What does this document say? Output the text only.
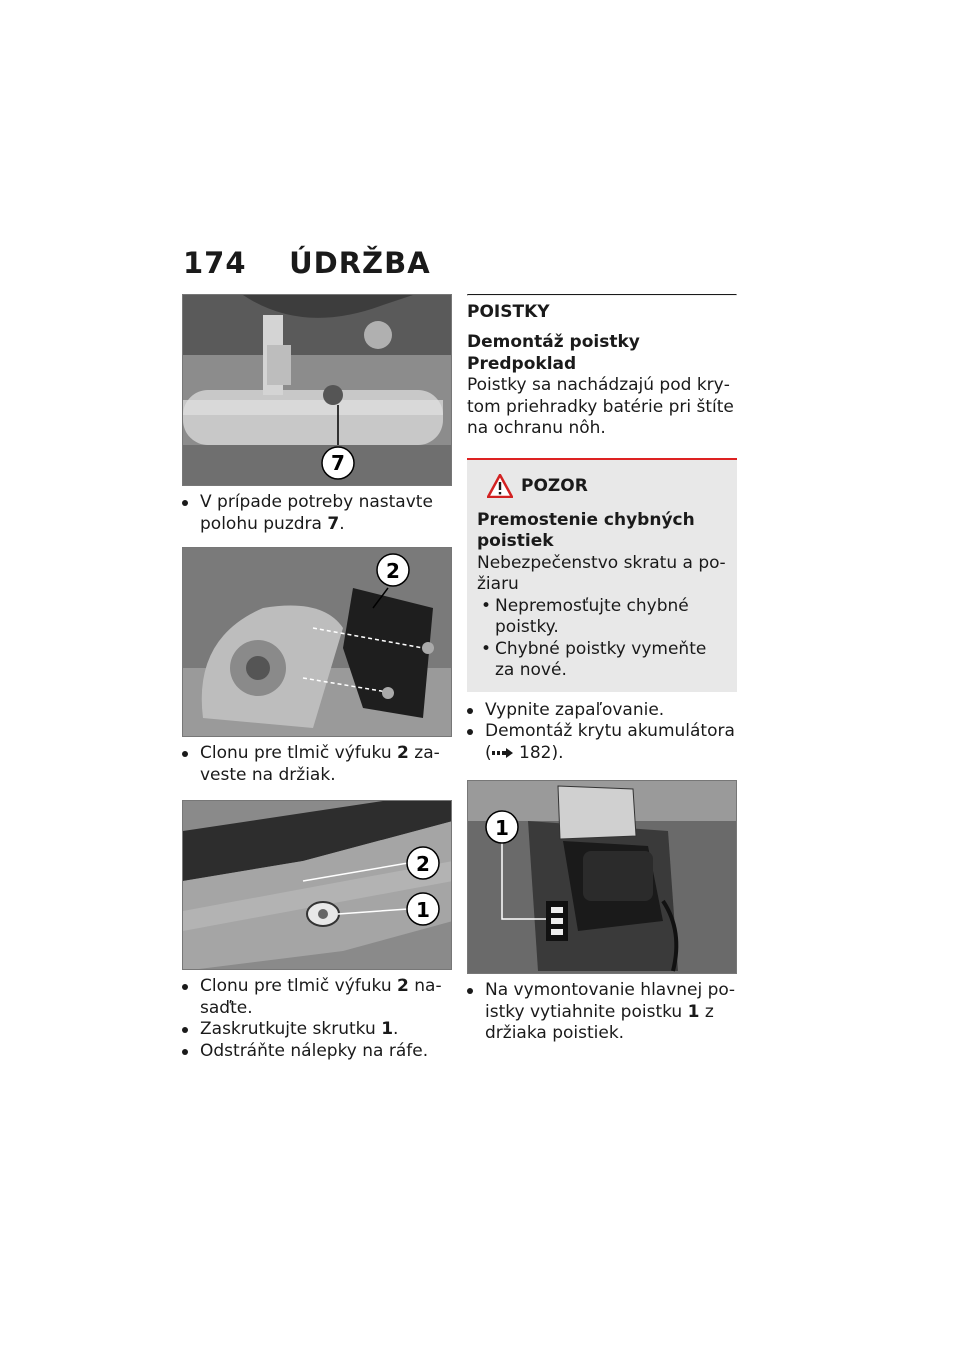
174 ÚDRŽBA
7
V prípade potreby nastavte polohu puzdra 7.
2
Clonu pre tlmič výfuku 2 zaveste na držiak.
2
1
Clonu pre tlmič výfuku 2 nasaďte.
Zaskrutkujte skrutku 1.
Odstráňte nálepky na ráfe.
POISTKY
Demontáž poistky
Predpoklad
Poistky sa nachádzajú pod krytom priehradky batérie pri štíte na ochranu nôh.
POZOR
Premostenie chybných poistiek
Nebezpečenstvo skratu a požiaru
• Nepremosťujte chybné poistky.
• Chybné poistky vymeňte za nové.
Vypnite zapaľovanie.
Demontáž krytu akumulátora
( 182).
1
Na vymontovanie hlavnej poistky vytiahnite poistku 1 z držiaka poistiek.
